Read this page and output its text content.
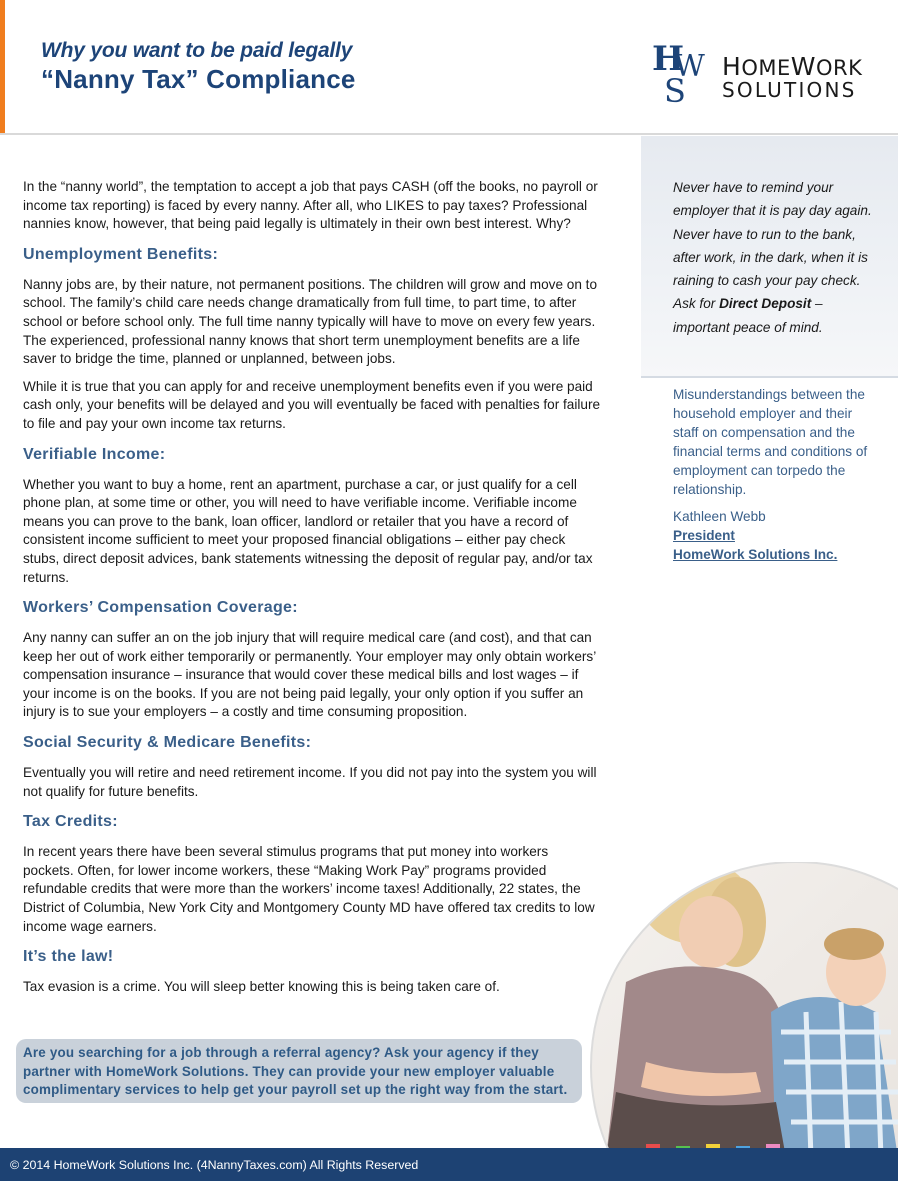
Why you want to be paid legally
“Nanny Tax” Compliance	H
W
S
HOMEWORK
SOLUTIONS

In the “nanny world”, the temptation to accept a job that pays CASH (off the books, no payroll or income tax reporting) is faced by every nanny. After all, who LIKES to pay taxes? Professional nannies know, however, that being paid legally is ultimately in their own best interest. Why?

Unemployment Benefits:

Nanny jobs are, by their nature, not permanent positions. The children will grow and move on to school. The family’s child care needs change dramatically from full time, to part time, to after school or before school only. The full time nanny typically will have to move on every few years. The experienced, professional nanny knows that short term unemployment benefits are a life saver to bridge the time, planned or unplanned, between jobs.

While it is true that you can apply for and receive unemployment benefits even if you were paid cash only, your benefits will be delayed and you will eventually be faced with penalties for failure to file and pay your own income tax returns.

Verifiable Income:

Whether you want to buy a home, rent an apartment, purchase a car, or just qualify for a cell phone plan, at some time or other, you will need to have verifiable income. Verifiable income means you can prove to the bank, loan officer, landlord or retailer that you have a record of consistent income sufficient to meet your proposed financial obligations – either pay check stubs, direct deposit advices, bank statements witnessing the deposit of regular pay, and/or tax returns.

Workers’ Compensation Coverage:

Any nanny can suffer an on the job injury that will require medical care (and cost), and that can keep her out of work either temporarily or permanently. Your employer may only obtain workers’ compensation insurance – insurance that would cover these medical bills and lost wages – if your income is on the books. If you are not being paid legally, your only option if you suffer an injury is to sue your employers – a costly and time consuming proposition.

Social Security & Medicare Benefits:

Eventually you will retire and need retirement income. If you did not pay into the system you will not qualify for future benefits.

Tax Credits:

In recent years there have been several stimulus programs that put money into workers pockets. Often, for lower income workers, these “Making Work Pay” programs provided refundable credits that were more than the workers’ income taxes! Additionally, 22 states, the District of Columbia, New York City and Montgomery County MD have offered tax credits to low income wage earners.

It’s the law!

Tax evasion is a crime. You will sleep better knowing this is being taken care of.

Never have to remind your employer that it is pay day again. Never have to run to the bank, after work, in the dark, when it is raining to cash your pay check. Ask for Direct Deposit – important peace of mind.
Misunderstandings between the household employer and their staff on compensation and the financial terms and conditions of employment can torpedo the relationship.
Kathleen Webb
President
HomeWork Solutions Inc.

Are you searching for a job through a referral agency? Ask your agency if they partner with HomeWork Solutions. They can provide your new employer valuable complimentary services to help get your payroll set up the right way from the start.

© 2014 HomeWork Solutions Inc. (4NannyTaxes.com) All Rights Reserved
